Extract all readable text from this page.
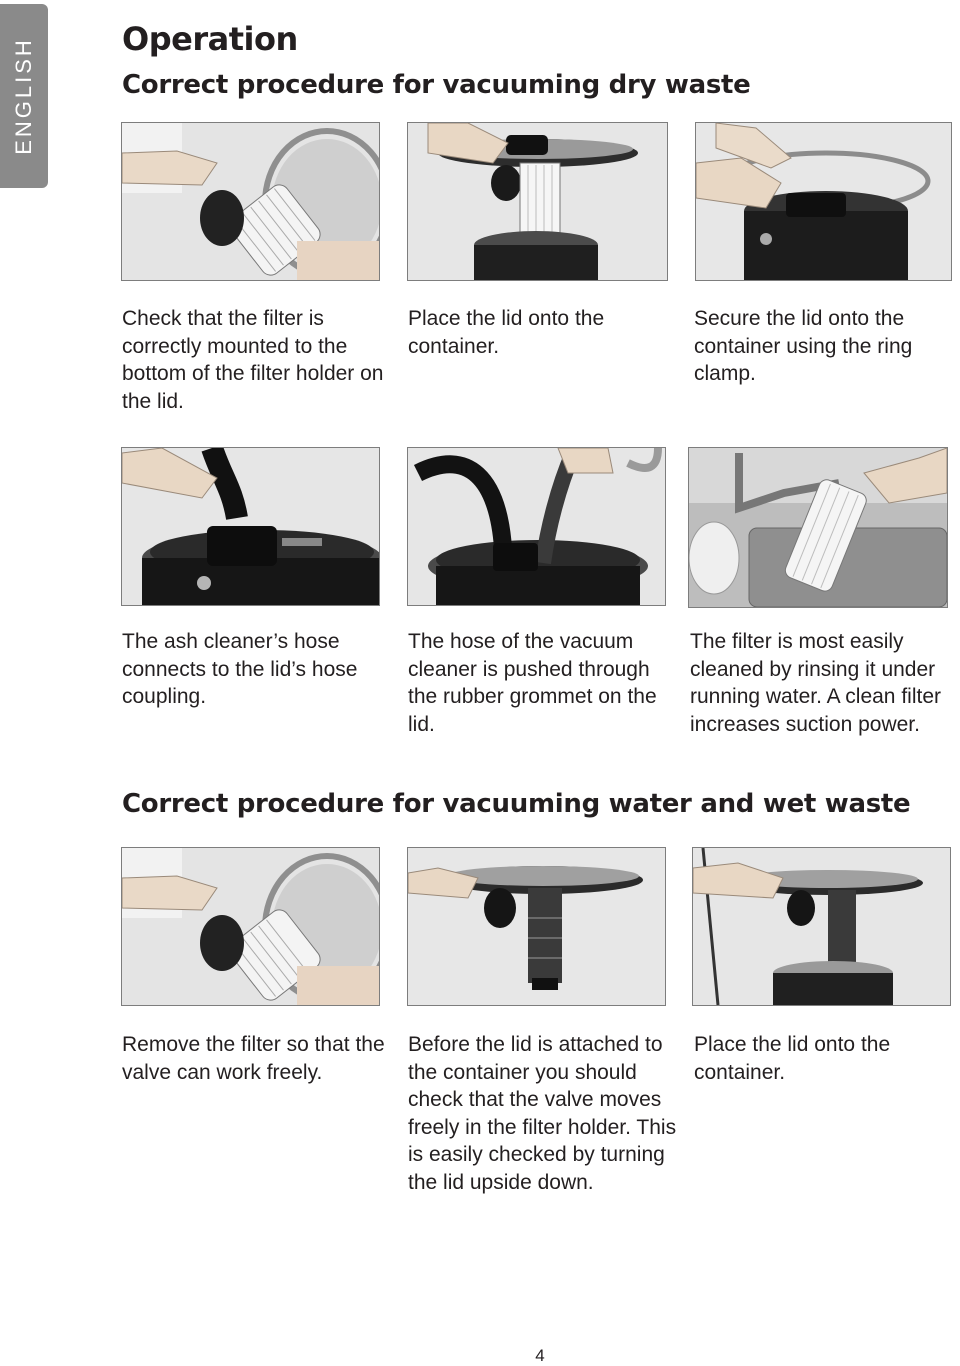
ENGLISH	Operation
Correct procedure for vacuuming dry waste

Check that the filter is correctly mounted to the bottom of the filter holder on the lid.

Place the lid onto the container.

Secure the lid onto the container using the ring clamp.

The ash cleaner’s hose connects to the lid’s hose coupling.

The hose of the vacuum cleaner is pushed through the rubber grommet on the lid.

The filter is most easily cleaned by rinsing it under running water. A clean filter increases suction power.

Correct procedure for vacuuming water and wet waste

Remove the filter so that the valve can work freely.

Before the lid is attached to the container you should check that the valve moves freely in the filter holder. This is easily checked by turning the lid upside down.

Place the lid onto the container.

4
